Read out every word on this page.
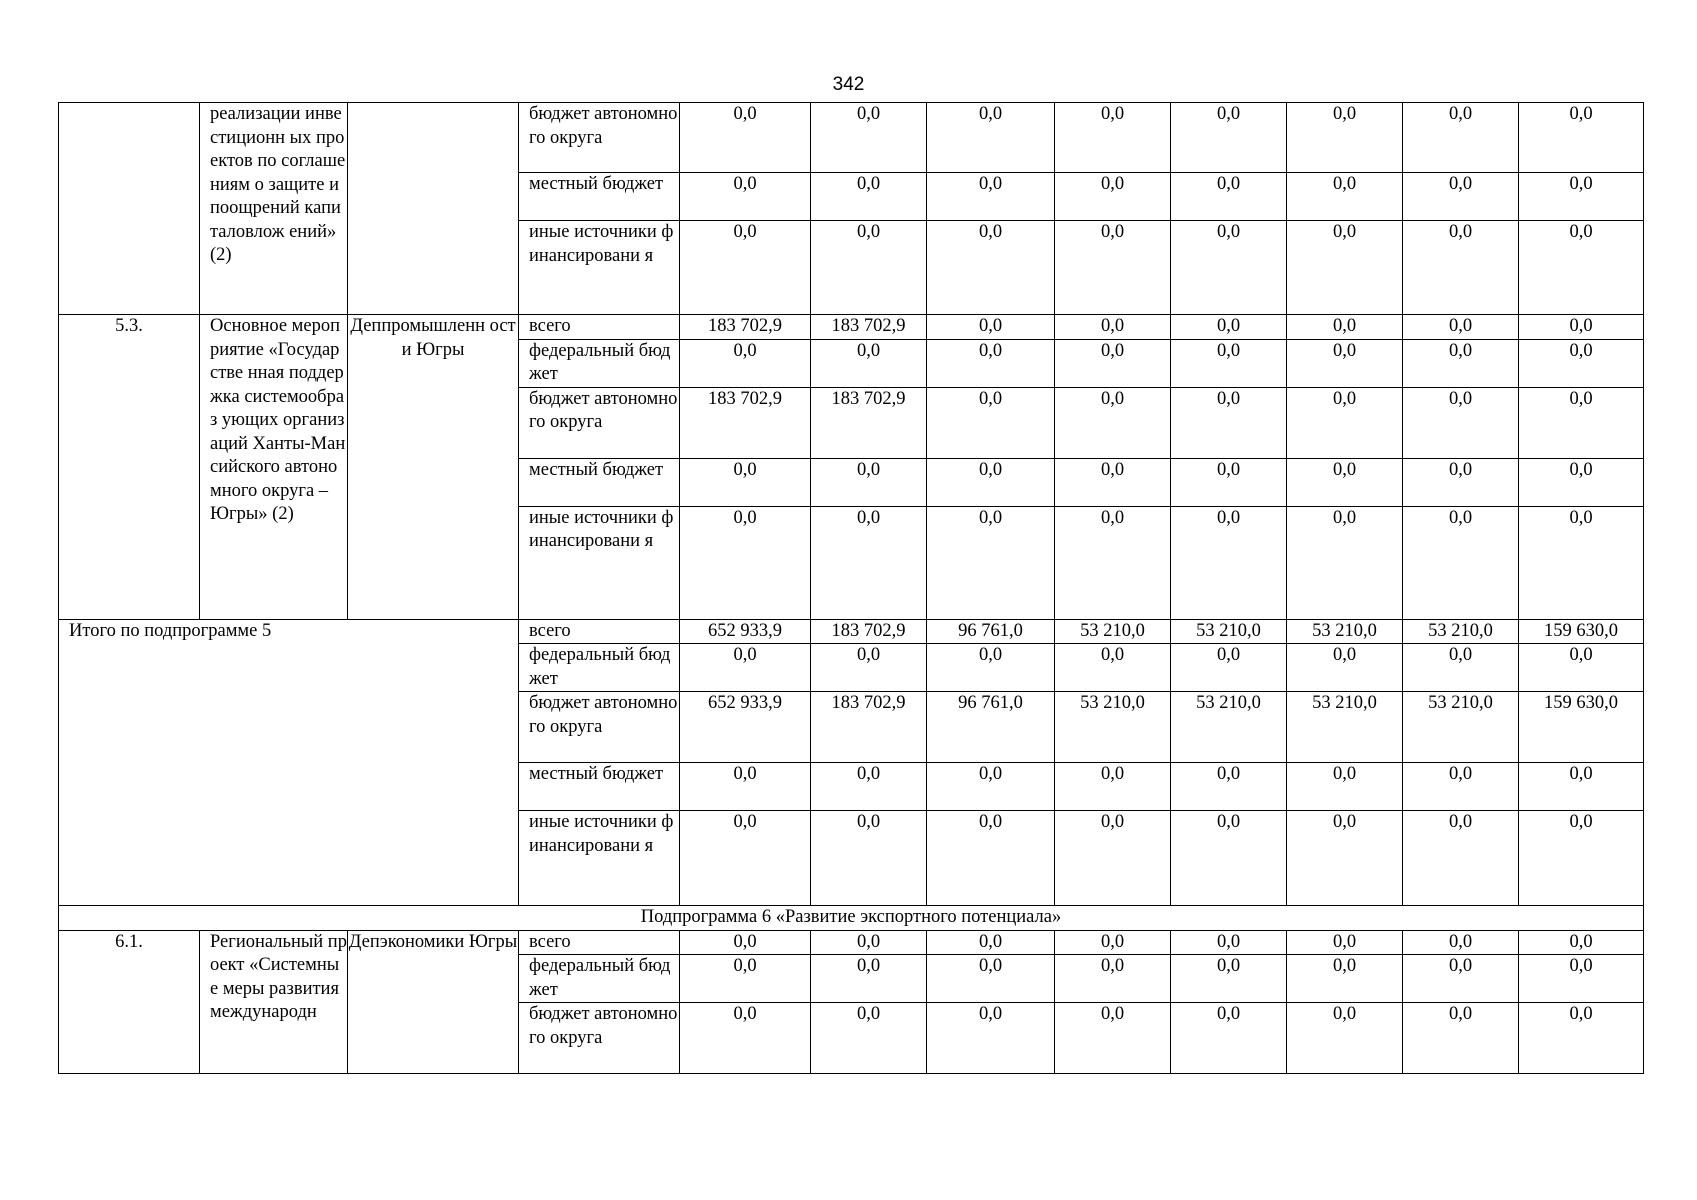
342
	реализации инвестиционн ых проектов по соглашениям о защите и поощрений капиталовлож ений» (2)		бюджет автономного округа	0,0	0,0	0,0	0,0	0,0	0,0	0,0	0,0
			местный бюджет	0,0	0,0	0,0	0,0	0,0	0,0	0,0	0,0
			иные источники финансировани я	0,0	0,0	0,0	0,0	0,0	0,0	0,0	0,0
5.3.	Основное мероприятие «Государстве нная поддержка системообраз ующих организаций Ханты-Мансийского автономного округа – Югры» (2)	Деппромышленн ости Югры	всего	183 702,9	183 702,9	0,0	0,0	0,0	0,0	0,0	0,0
			федеральный бюджет	0,0	0,0	0,0	0,0	0,0	0,0	0,0	0,0
			бюджет автономного округа	183 702,9	183 702,9	0,0	0,0	0,0	0,0	0,0	0,0
			местный бюджет	0,0	0,0	0,0	0,0	0,0	0,0	0,0	0,0
			иные источники финансировани я	0,0	0,0	0,0	0,0	0,0	0,0	0,0	0,0
Итого по подпрограмме 5			всего	652 933,9	183 702,9	96 761,0	53 210,0	53 210,0	53 210,0	53 210,0	159 630,0
			федеральный бюджет	0,0	0,0	0,0	0,0	0,0	0,0	0,0	0,0
			бюджет автономного округа	652 933,9	183 702,9	96 761,0	53 210,0	53 210,0	53 210,0	53 210,0	159 630,0
			местный бюджет	0,0	0,0	0,0	0,0	0,0	0,0	0,0	0,0
			иные источники финансировани я	0,0	0,0	0,0	0,0	0,0	0,0	0,0	0,0
Подпрограмма 6 «Развитие экспортного потенциала»											
6.1.	Региональный проект «Системные меры развития международн	Депэкономики Югры	всего	0,0	0,0	0,0	0,0	0,0	0,0	0,0	0,0
			федеральный бюджет	0,0	0,0	0,0	0,0	0,0	0,0	0,0	0,0
			бюджет автономного округа	0,0	0,0	0,0	0,0	0,0	0,0	0,0	0,0
